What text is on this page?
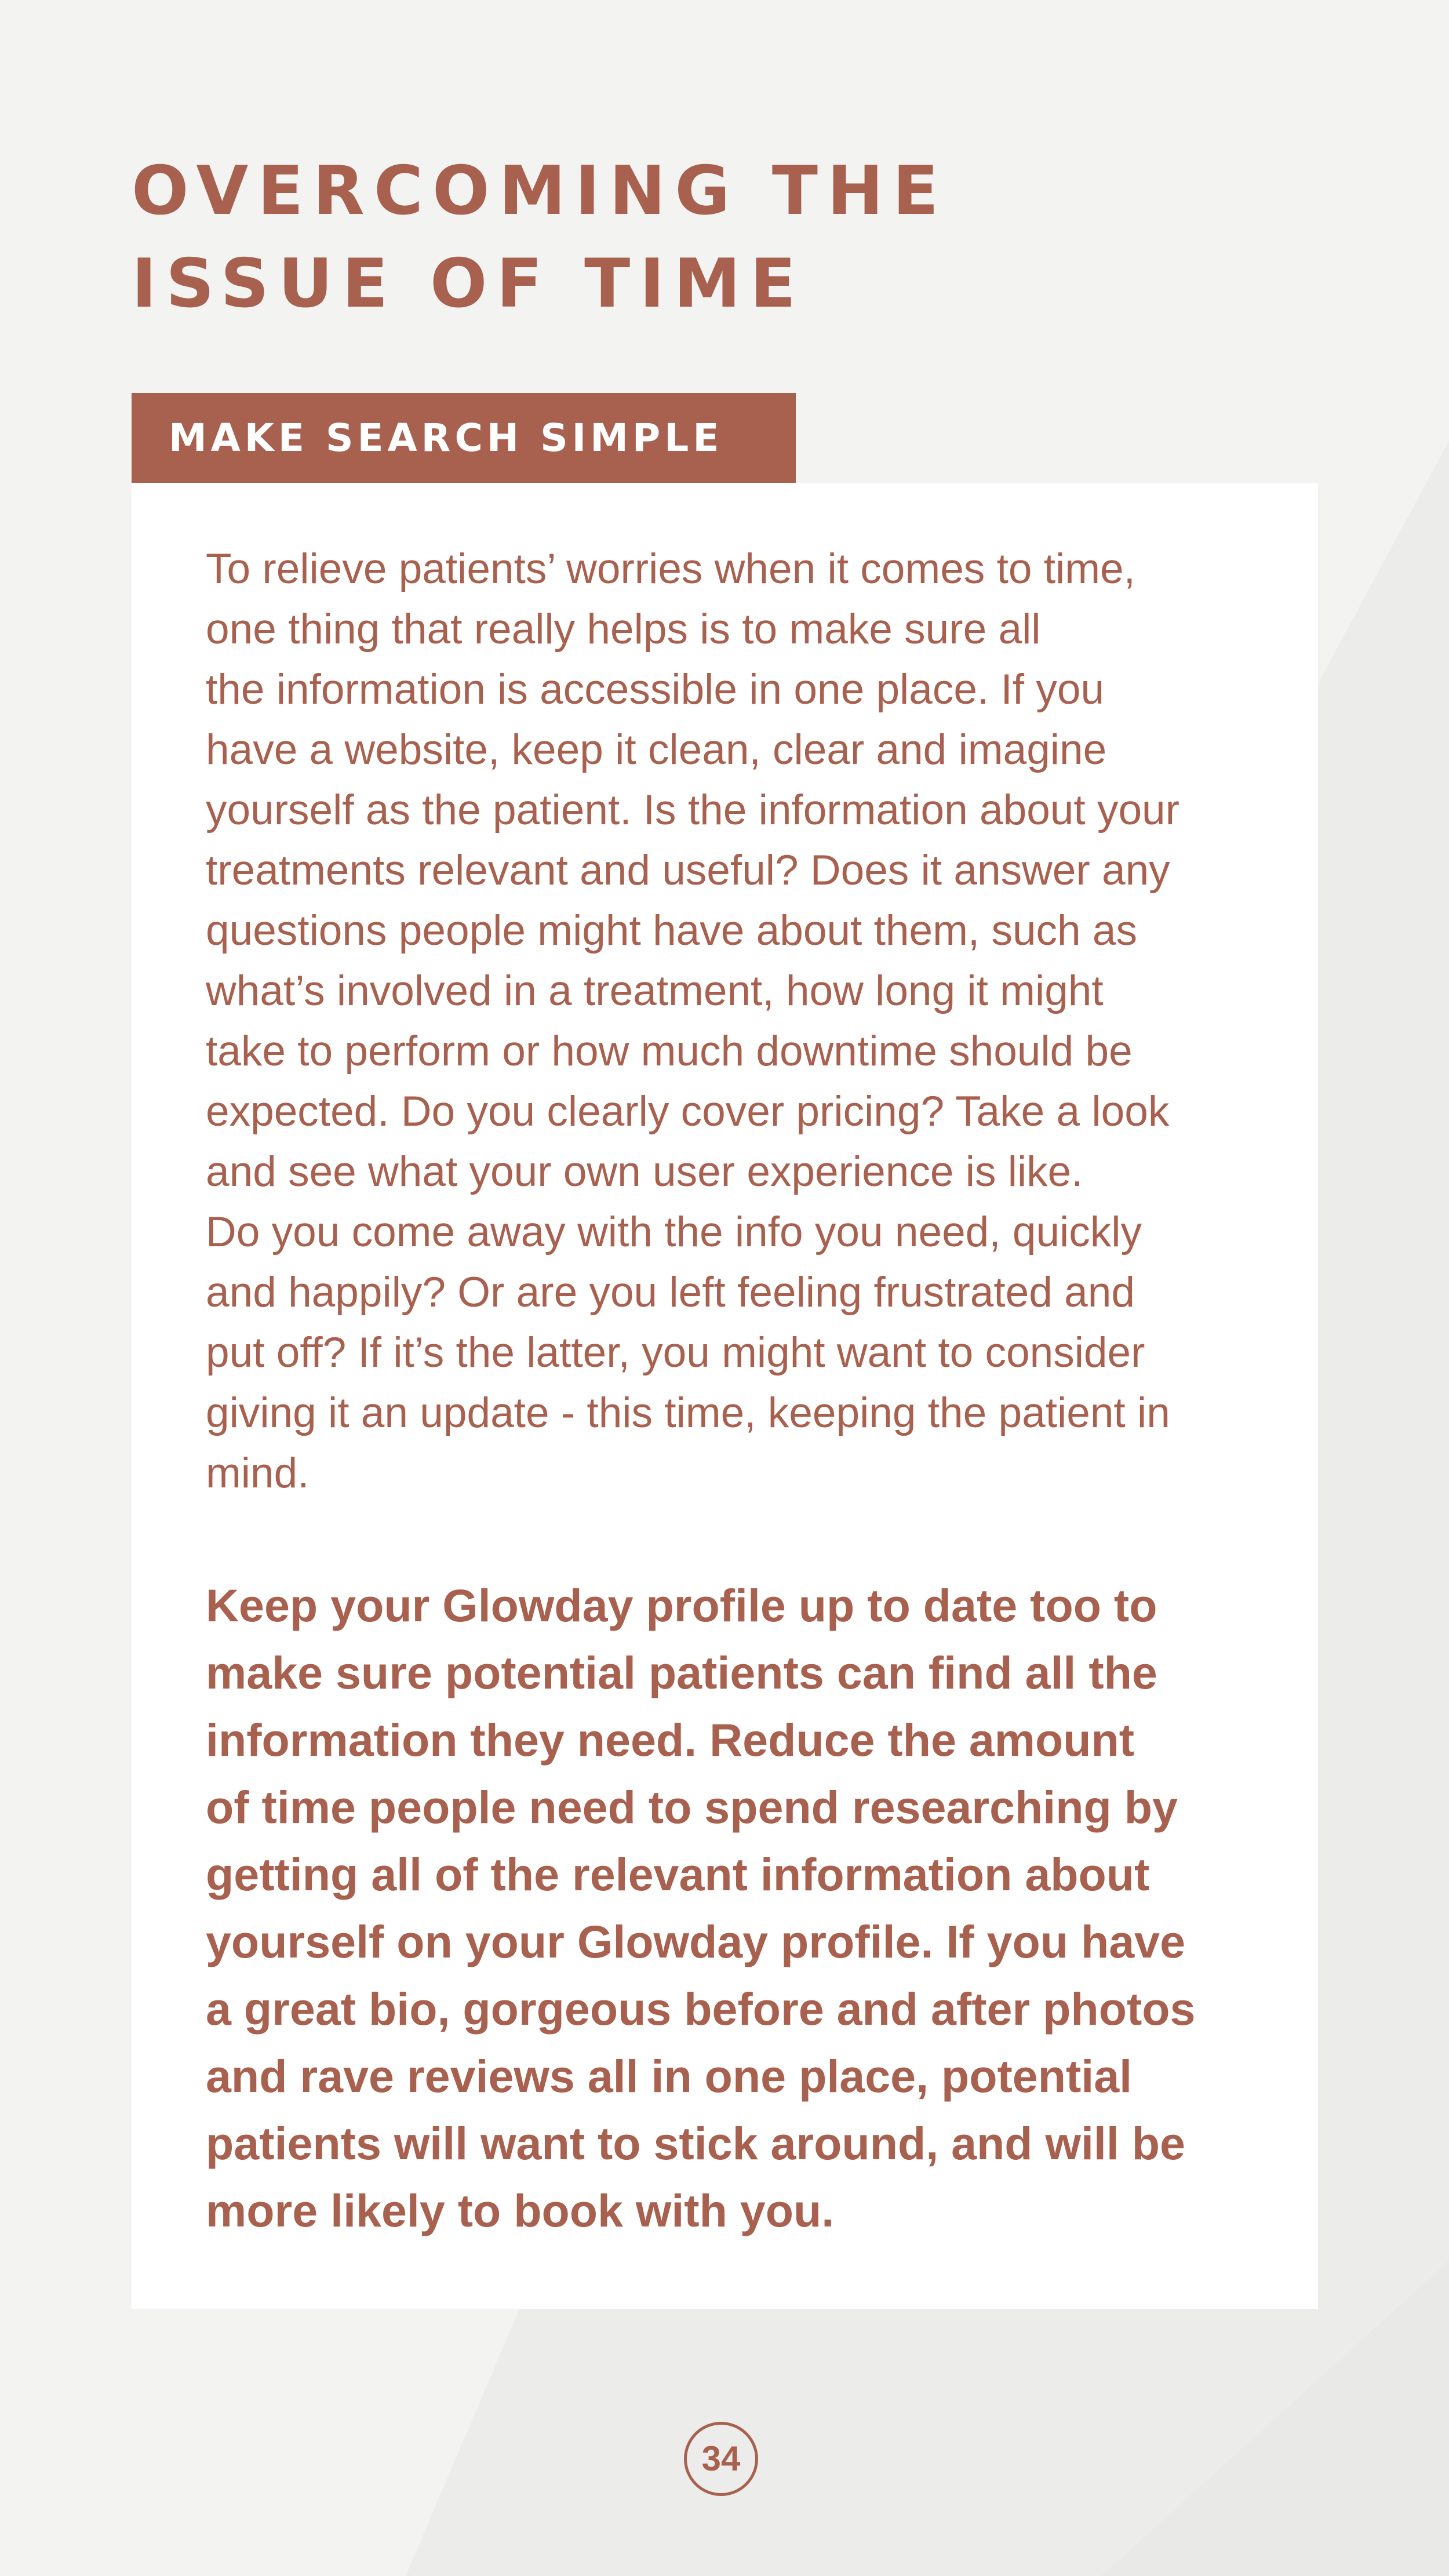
OVERCOMING THE
ISSUE OF TIME
MAKE SEARCH SIMPLE

To relieve patients’ worries when it comes to time,
one thing that really helps is to make sure all
the information is accessible in one place. If you
have a website, keep it clean, clear and imagine
yourself as the patient. Is the information about your
treatments relevant and useful? Does it answer any
questions people might have about them, such as
what’s involved in a treatment, how long it might
take to perform or how much downtime should be
expected. Do you clearly cover pricing? Take a look
and see what your own user experience is like.
Do you come away with the info you need, quickly
and happily? Or are you left feeling frustrated and
put off? If it’s the latter, you might want to consider
giving it an update - this time, keeping the patient in
mind.

Keep your Glowday profile up to date too to
make sure potential patients can find all the
information they need. Reduce the amount
of time people need to spend researching by
getting all of the relevant information about
yourself on your Glowday profile. If you have
a great bio, gorgeous before and after photos
and rave reviews all in one place, potential
patients will want to stick around, and will be
more likely to book with you.

34
